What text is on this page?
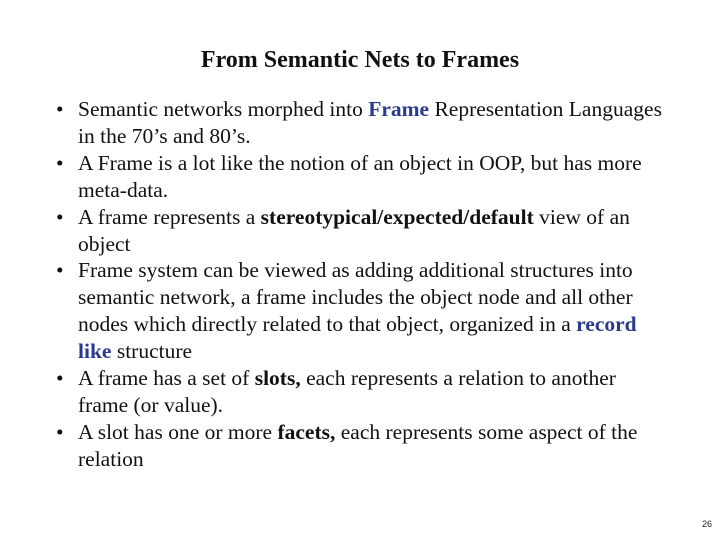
From Semantic Nets to Frames
• Semantic networks morphed into Frame Representation Languages in the 70’s and 80’s.
• A Frame is a lot like the notion of an object in OOP, but has more meta-data.
• A frame represents a stereotypical/expected/default view of an object
• Frame system can be viewed as adding additional structures into semantic network, a frame includes the object node and all other nodes which directly related to that object, organized in a record like structure
• A frame has a set of slots, each represents a relation to another frame (or value).
• A slot has one or more facets, each represents some aspect of the relation
26
